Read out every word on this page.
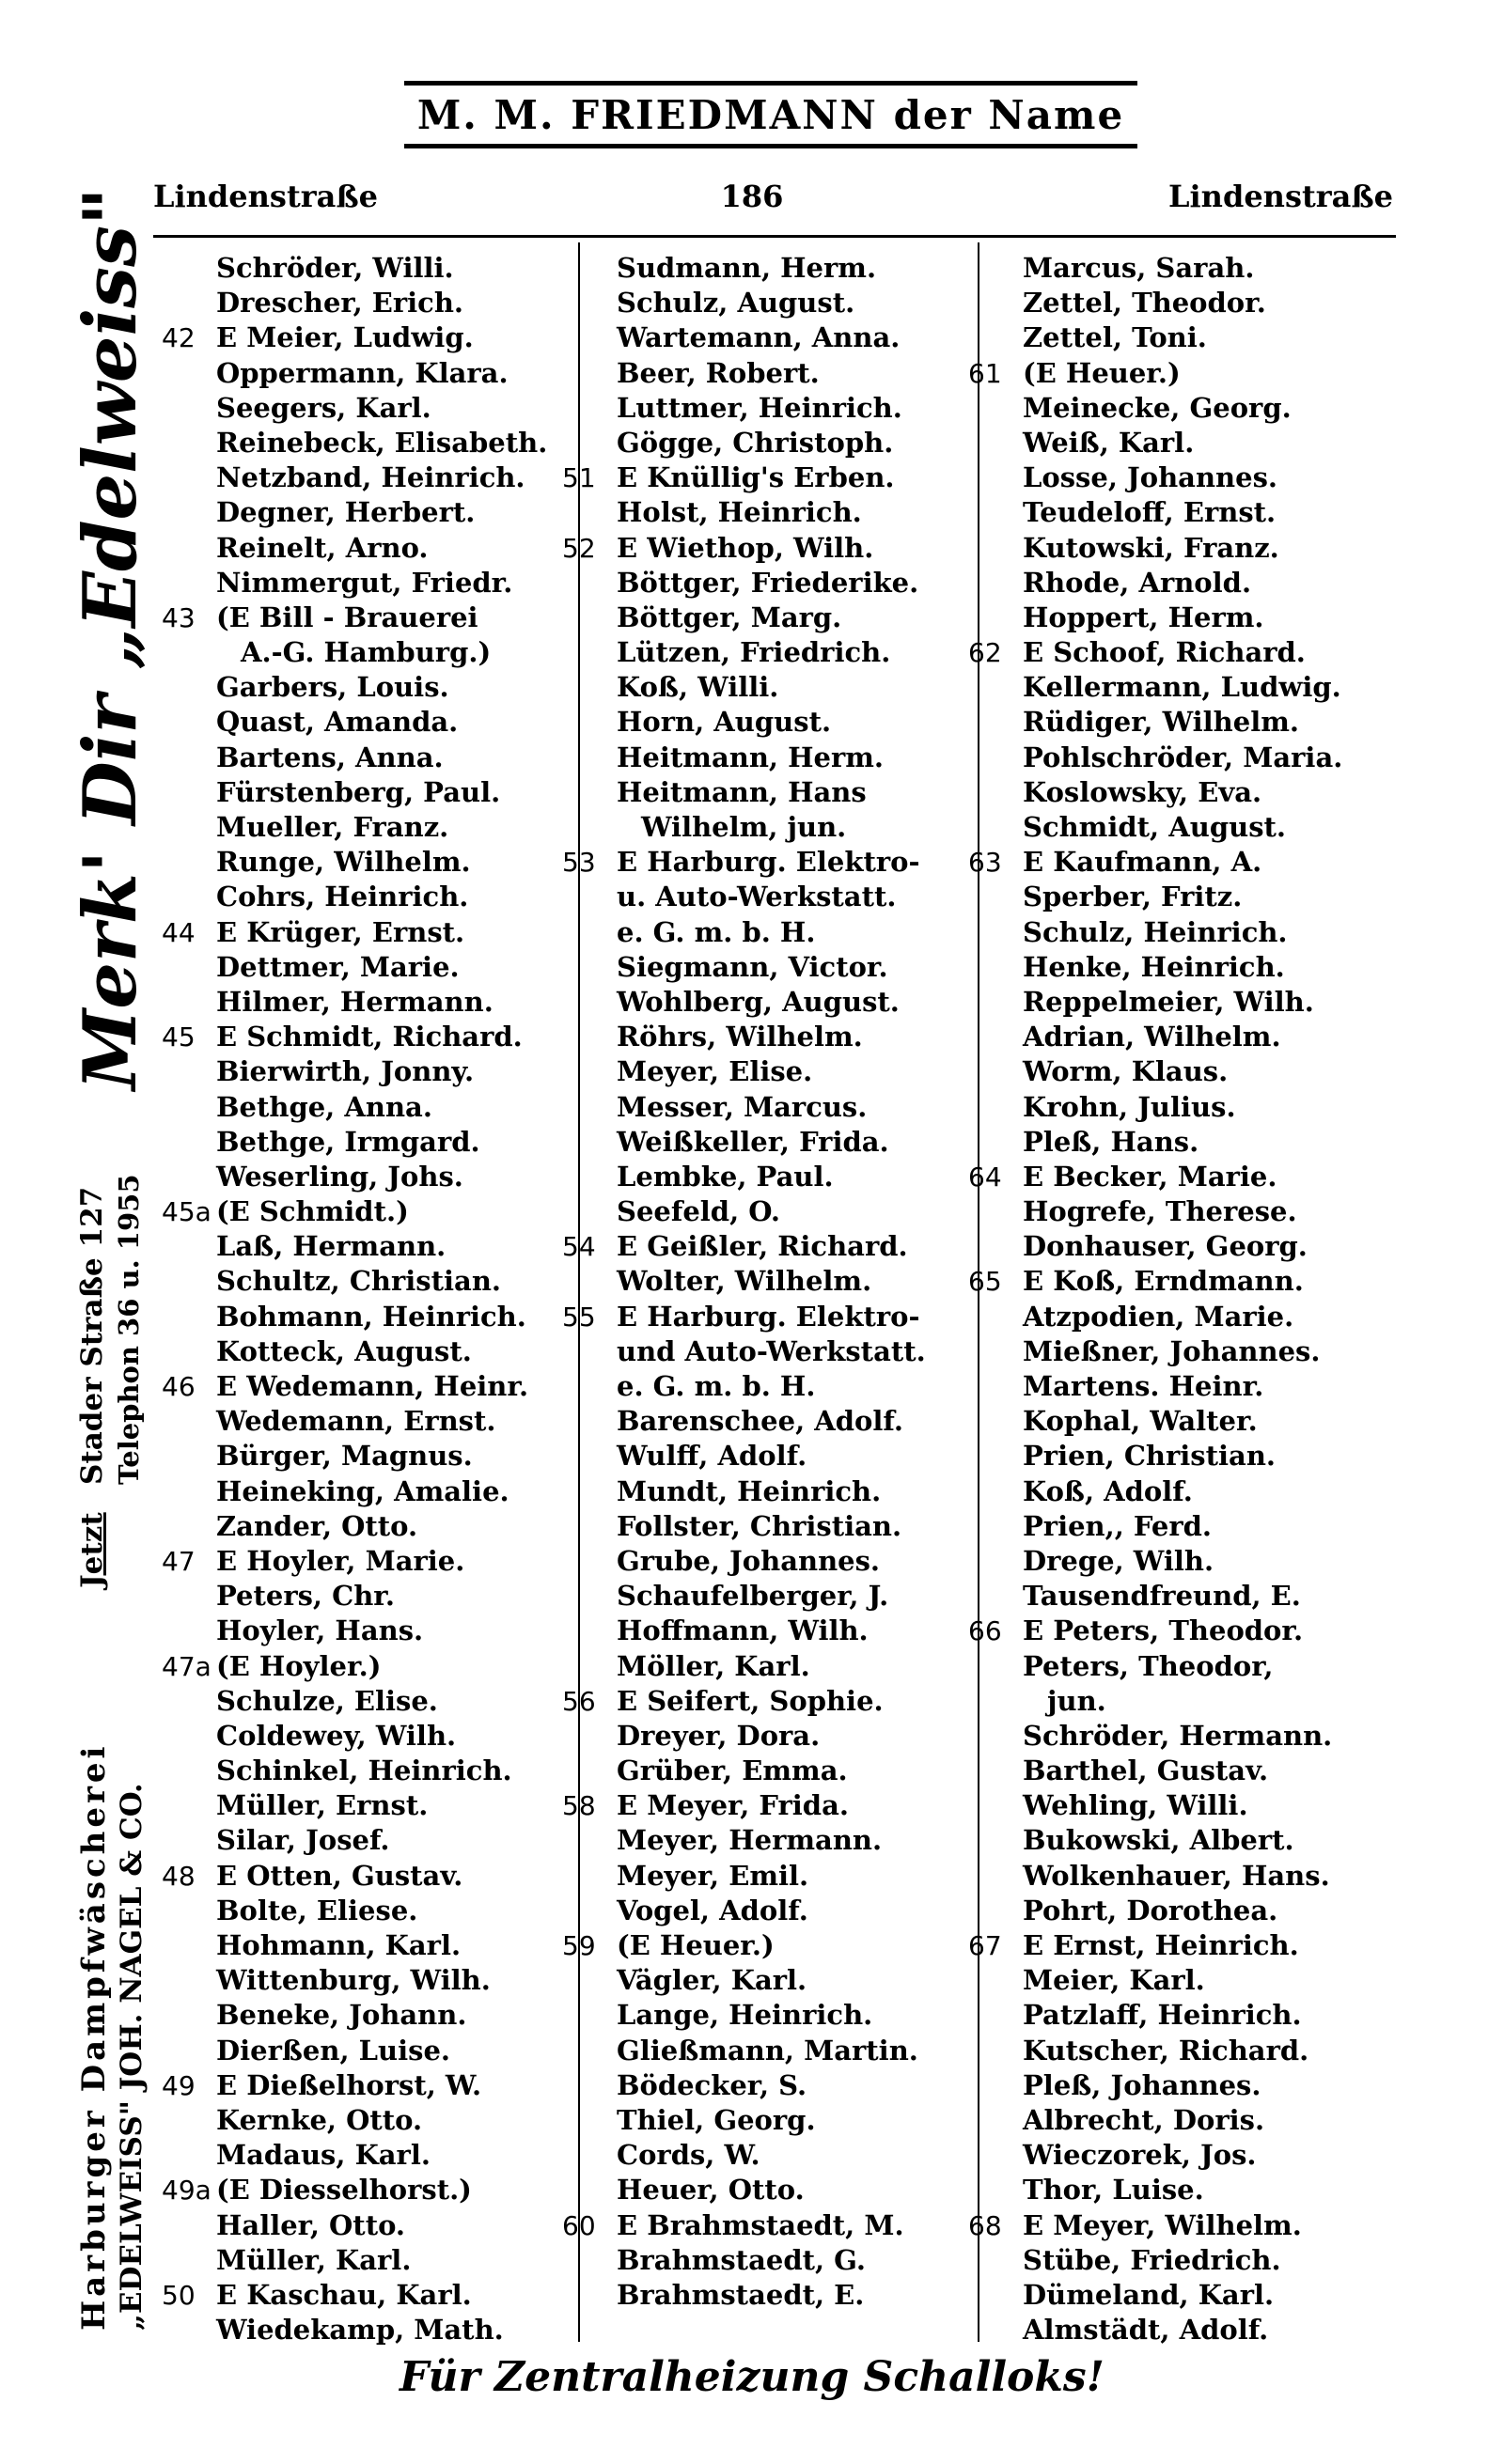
M. M. FRIEDMANN der Name
Lindenstraße	186	Lindenstraße
Schröder, Willi.
Drescher, Erich.
42 E Meier, Ludwig.
Oppermann, Klara.
Seegers, Karl.
Reinebeck, Elisabeth.
Netzband, Heinrich.
Degner, Herbert.
Reinelt, Arno.
Nimmergut, Friedr.
43 (E Bill - Brauerei
A.-G. Hamburg.)
Garbers, Louis.
Quast, Amanda.
Bartens, Anna.
Fürstenberg, Paul.
Mueller, Franz.
Runge, Wilhelm.
Cohrs, Heinrich.
44 E Krüger, Ernst.
Dettmer, Marie.
Hilmer, Hermann.
45 E Schmidt, Richard.
Bierwirth, Jonny.
Bethge, Anna.
Bethge, Irmgard.
Weserling, Johs.
45a (E Schmidt.)
Laß, Hermann.
Schultz, Christian.
Bohmann, Heinrich.
Kotteck, August.
46 E Wedemann, Heinr.
Wedemann, Ernst.
Bürger, Magnus.
Heineking, Amalie.
Zander, Otto.
47 E Hoyler, Marie.
Peters, Chr.
Hoyler, Hans.
47a (E Hoyler.)
Schulze, Elise.
Coldewey, Wilh.
Schinkel, Heinrich.
Müller, Ernst.
Silar, Josef.
48 E Otten, Gustav.
Bolte, Eliese.
Hohmann, Karl.
Wittenburg, Wilh.
Beneke, Johann.
Dierßen, Luise.
49 E Dießelhorst, W.
Kernke, Otto.
Madaus, Karl.
49a (E Diesselhorst.)
Haller, Otto.
Müller, Karl.
50 E Kaschau, Karl.
Wiedekamp, Math.
Sudmann, Herm.
Schulz, August.
Wartemann, Anna.
Beer, Robert.
Luttmer, Heinrich.
Gögge, Christoph.
51 E Knüllig's Erben.
Holst, Heinrich.
52 E Wiethop, Wilh.
Böttger, Friederike.
Böttger, Marg.
Lützen, Friedrich.
Koß, Willi.
Horn, August.
Heitmann, Herm.
Heitmann, Hans
Wilhelm, jun.
53 E Harburg. Elektro-
u. Auto-Werkstatt.
e. G. m. b. H.
Siegmann, Victor.
Wohlberg, August.
Röhrs, Wilhelm.
Meyer, Elise.
Messer, Marcus.
Weißkeller, Frida.
Lembke, Paul.
Seefeld, O.
54 E Geißler, Richard.
Wolter, Wilhelm.
55 E Harburg. Elektro-
und Auto-Werkstatt.
e. G. m. b. H.
Barenschee, Adolf.
Wulff, Adolf.
Mundt, Heinrich.
Follster, Christian.
Grube, Johannes.
Schaufelberger, J.
Hoffmann, Wilh.
Möller, Karl.
56 E Seifert, Sophie.
Dreyer, Dora.
Grüber, Emma.
58 E Meyer, Frida.
Meyer, Hermann.
Meyer, Emil.
Vogel, Adolf.
59 (E Heuer.)
Vägler, Karl.
Lange, Heinrich.
Gließmann, Martin.
Bödecker, S.
Thiel, Georg.
Cords, W.
Heuer, Otto.
60 E Brahmstaedt, M.
Brahmstaedt, G.
Brahmstaedt, E.
Marcus, Sarah.
Zettel, Theodor.
Zettel, Toni.
61 (E Heuer.)
Meinecke, Georg.
Weiß, Karl.
Losse, Johannes.
Teudeloff, Ernst.
Kutowski, Franz.
Rhode, Arnold.
Hoppert, Herm.
62 E Schoof, Richard.
Kellermann, Ludwig.
Rüdiger, Wilhelm.
Pohlschröder, Maria.
Koslowsky, Eva.
Schmidt, August.
63 E Kaufmann, A.
Sperber, Fritz.
Schulz, Heinrich.
Henke, Heinrich.
Reppelmeier, Wilh.
Adrian, Wilhelm.
Worm, Klaus.
Krohn, Julius.
Pleß, Hans.
64 E Becker, Marie.
Hogrefe, Therese.
Donhauser, Georg.
65 E Koß, Erndmann.
Atzpodien, Marie.
Mießner, Johannes.
Martens. Heinr.
Kophal, Walter.
Prien, Christian.
Koß, Adolf.
Prien,, Ferd.
Drege, Wilh.
Tausendfreund, E.
66 E Peters, Theodor.
Peters, Theodor,
jun.
Schröder, Hermann.
Barthel, Gustav.
Wehling, Willi.
Bukowski, Albert.
Wolkenhauer, Hans.
Pohrt, Dorothea.
67 E Ernst, Heinrich.
Meier, Karl.
Patzlaff, Heinrich.
Kutscher, Richard.
Pleß, Johannes.
Albrecht, Doris.
Wieczorek, Jos.
Thor, Luise.
68 E Meyer, Wilhelm.
Stübe, Friedrich.
Dümeland, Karl.
Almstädt, Adolf.
Merk' Dir „Edelweiss"
Harburger Dampfwäscherei „EDELWEISS" JOH. NAGEL & CO.
Jetzt
Stader Straße 127 Telephon 36 u. 1955
Für Zentralheizung Schalloks!
